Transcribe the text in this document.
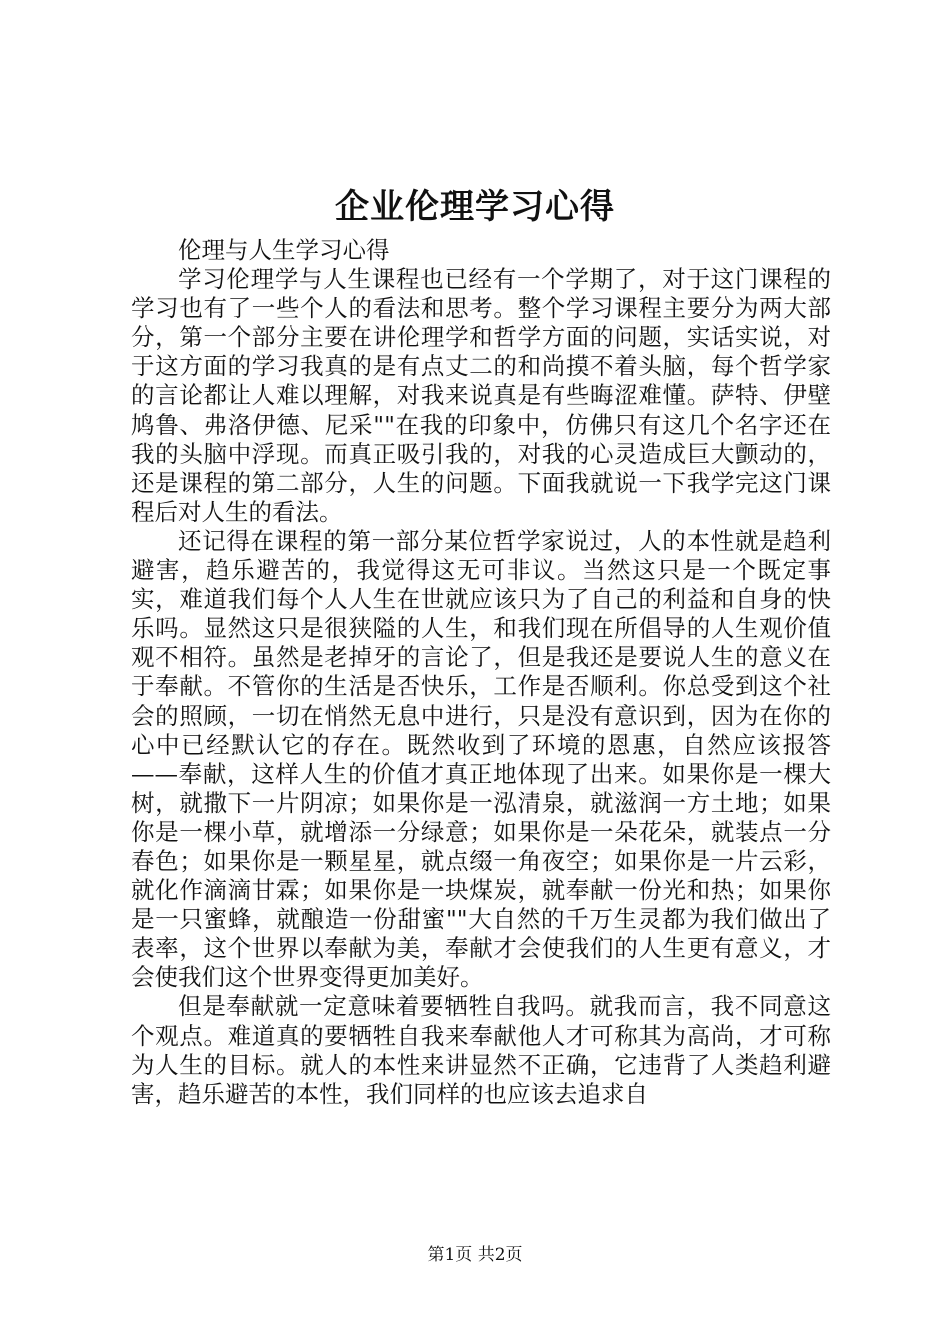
企业伦理学习心得

伦理与人生学习心得

学习伦理学与人生课程也已经有一个学期了，对于这门课程的学习也有了一些个人的看法和思考。整个学习课程主要分为两大部分，第一个部分主要在讲伦理学和哲学方面的问题，实话实说，对于这方面的学习我真的是有点丈二的和尚摸不着头脑，每个哲学家的言论都让人难以理解，对我来说真是有些晦涩难懂。萨特、伊壁鸠鲁、弗洛伊德、尼采""在我的印象中，仿佛只有这几个名字还在我的头脑中浮现。而真正吸引我的，对我的心灵造成巨大颤动的，还是课程的第二部分，人生的问题。下面我就说一下我学完这门课程后对人生的看法。

还记得在课程的第一部分某位哲学家说过，人的本性就是趋利避害，趋乐避苦的，我觉得这无可非议。当然这只是一个既定事实，难道我们每个人人生在世就应该只为了自己的利益和自身的快乐吗。显然这只是很狭隘的人生，和我们现在所倡导的人生观价值观不相符。虽然是老掉牙的言论了，但是我还是要说人生的意义在于奉献。不管你的生活是否快乐，工作是否顺利。你总受到这个社会的照顾，一切在悄然无息中进行，只是没有意识到，因为在你的心中已经默认它的存在。既然收到了环境的恩惠，自然应该报答——奉献，这样人生的价值才真正地体现了出来。如果你是一棵大树，就撒下一片阴凉；如果你是一泓清泉，就滋润一方土地；如果你是一棵小草，就增添一分绿意；如果你是一朵花朵，就装点一分春色；如果你是一颗星星，就点缀一角夜空；如果你是一片云彩，就化作滴滴甘霖；如果你是一块煤炭，就奉献一份光和热；如果你是一只蜜蜂，就酿造一份甜蜜""大自然的千万生灵都为我们做出了表率，这个世界以奉献为美，奉献才会使我们的人生更有意义，才会使我们这个世界变得更加美好。

但是奉献就一定意味着要牺牲自我吗。就我而言，我不同意这个观点。难道真的要牺牲自我来奉献他人才可称其为高尚，才可称为人生的目标。就人的本性来讲显然不正确，它违背了人类趋利避害，趋乐避苦的本性，我们同样的也应该去追求自

第1页 共2页
